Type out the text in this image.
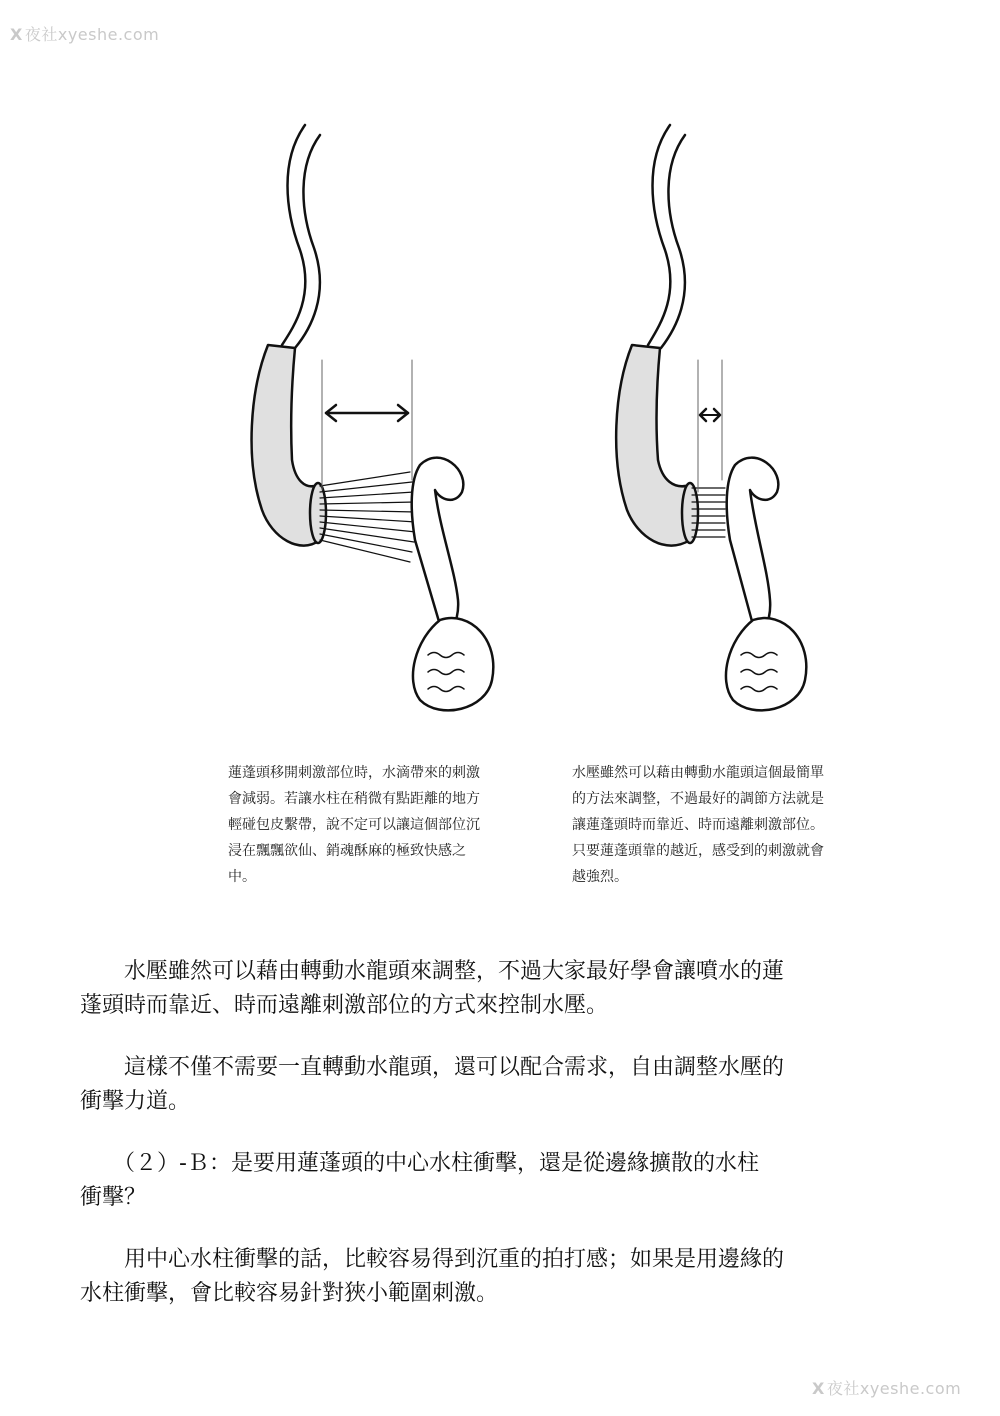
X 夜社xyeshe.com
蓮蓬頭移開刺激部位時，水滴帶來的刺激
會減弱。若讓水柱在稍微有點距離的地方
輕碰包皮繫帶，說不定可以讓這個部位沉
浸在飄飄欲仙、銷魂酥麻的極致快感之
中。
水壓雖然可以藉由轉動水龍頭這個最簡單
的方法來調整，不過最好的調節方法就是
讓蓮蓬頭時而靠近、時而遠離刺激部位。
只要蓮蓬頭靠的越近，感受到的刺激就會
越強烈。
　　水壓雖然可以藉由轉動水龍頭來調整，不過大家最好學會讓噴水的蓮
蓬頭時而靠近、時而遠離刺激部位的方式來控制水壓。
　　這樣不僅不需要一直轉動水龍頭，還可以配合需求，自由調整水壓的
衝擊力道。
　　（２）-Ｂ：是要用蓮蓬頭的中心水柱衝擊，還是從邊緣擴散的水柱
衝擊？
　　用中心水柱衝擊的話，比較容易得到沉重的拍打感；如果是用邊緣的
水柱衝擊，會比較容易針對狹小範圍刺激。
X 夜社xyeshe.com
